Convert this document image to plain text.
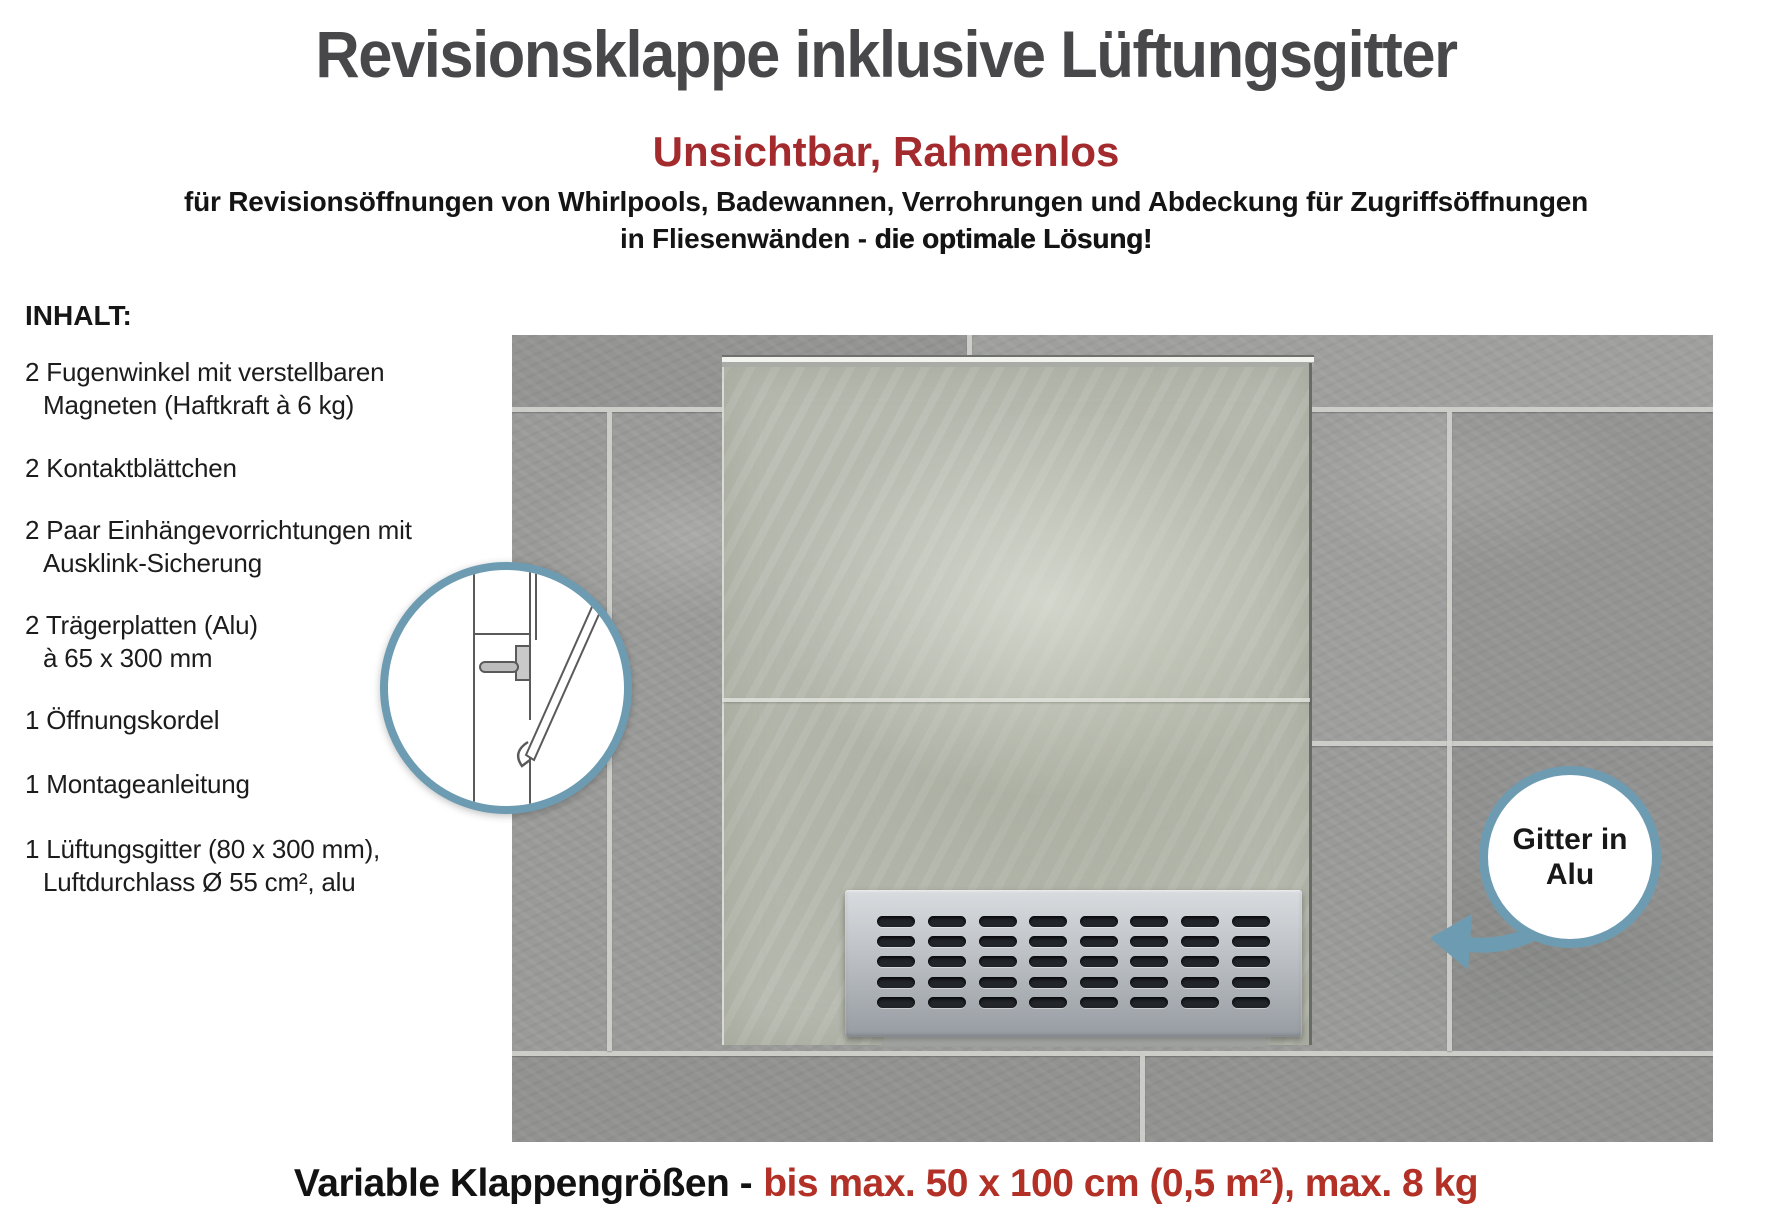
Revisionsklappe inklusive Lüftungsgitter
Unsichtbar, Rahmenlos
für Revisionsöffnungen von Whirlpools, Badewannen, Verrohrungen und Abdeckung für Zugriffsöffnungen
in Fliesenwänden - die optimale Lösung!
INHALT:
2 Fugenwinkel mit verstellbaren
Magneten (Haftkraft à 6 kg)
2 Kontaktblättchen
2 Paar Einhängevorrichtungen mit
Ausklink-Sicherung
2 Trägerplatten (Alu)
à 65 x 300 mm
1 Öffnungskordel
1 Montageanleitung
1 Lüftungsgitter (80 x 300 mm),
Luftdurchlass Ø 55 cm², alu
Gitter in
Alu
Variable Klappengrößen - bis max. 50 x 100 cm (0,5 m²), max. 8 kg
